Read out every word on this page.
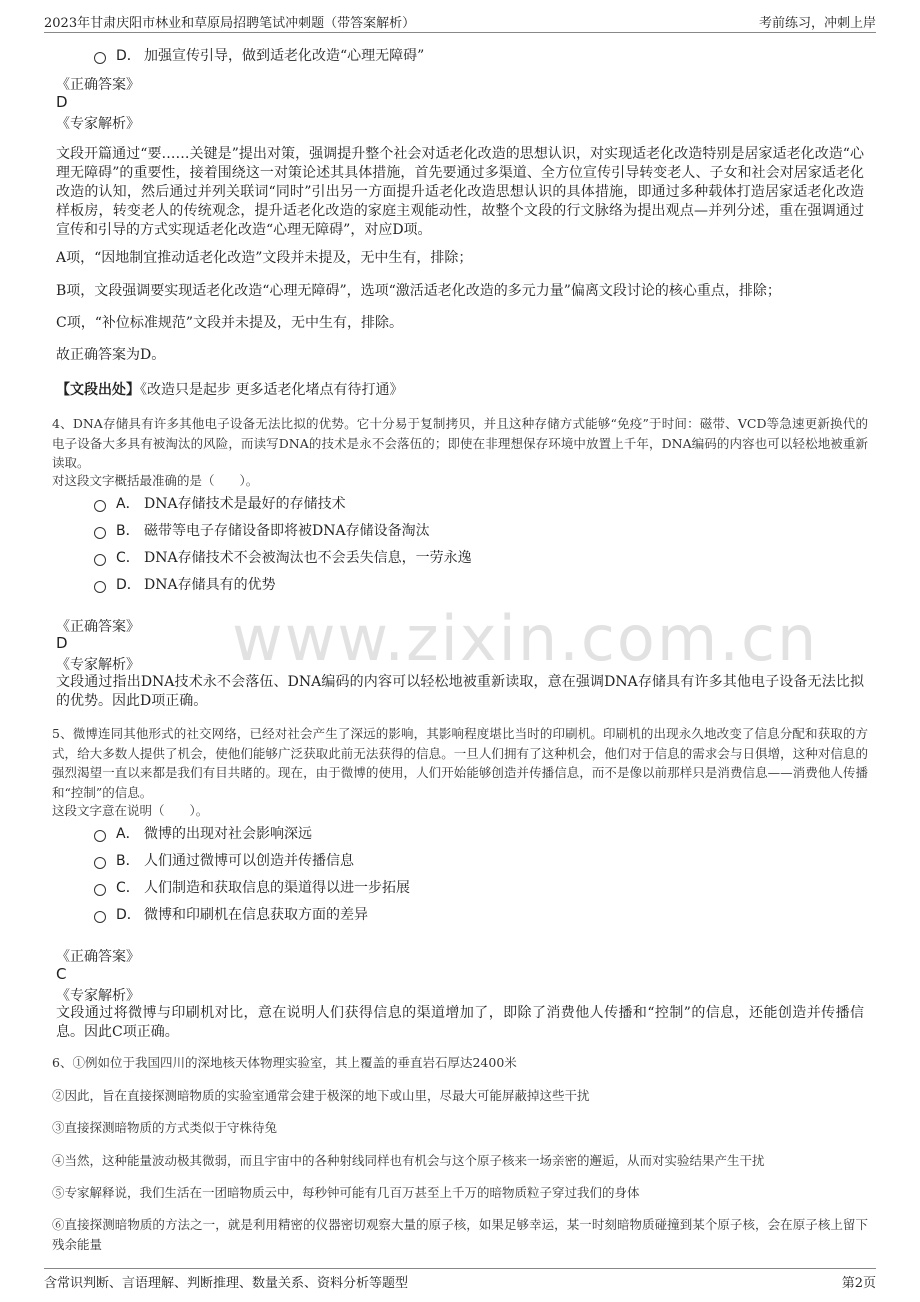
2023年甘肃庆阳市林业和草原局招聘笔试冲刺题（带答案解析）	考前练习，冲刺上岸
www.zixin.com.cn
D． 加强宣传引导，做到适老化改造“心理无障碍”
《正确答案》
D
《专家解析》
文段开篇通过“要……关键是”提出对策，强调提升整个社会对适老化改造的思想认识，对实现适老化改造特别是居家适老化改造“心理无障碍”的重要性，接着围绕这一对策论述其具体措施，首先要通过多渠道、全方位宣传引导转变老人、子女和社会对居家适老化改造的认知，然后通过并列关联词“同时”引出另一方面提升适老化改造思想认识的具体措施，即通过多种载体打造居家适老化改造样板房，转变老人的传统观念，提升适老化改造的家庭主观能动性，故整个文段的行文脉络为提出观点—并列分述，重在强调通过宣传和引导的方式实现适老化改造“心理无障碍”，对应D项。
A项，“因地制宜推动适老化改造”文段并未提及，无中生有，排除；
B项，文段强调要实现适老化改造“心理无障碍”，选项“激活适老化改造的多元力量”偏离文段讨论的核心重点，排除；
C项，“补位标准规范”文段并未提及，无中生有，排除。
故正确答案为D。
【文段出处】《改造只是起步 更多适老化堵点有待打通》
4、DNA存储具有许多其他电子设备无法比拟的优势。它十分易于复制拷贝，并且这种存储方式能够“免疫”于时间：磁带、VCD等急速更新换代的电子设备大多具有被淘汰的风险，而读写DNA的技术是永不会落伍的；即使在非理想保存环境中放置上千年，DNA编码的内容也可以轻松地被重新读取。
对这段文字概括最准确的是（　　）。
A． DNA存储技术是最好的存储技术
B． 磁带等电子存储设备即将被DNA存储设备淘汰
C． DNA存储技术不会被淘汰也不会丢失信息，一劳永逸
D． DNA存储具有的优势
《正确答案》
D
《专家解析》
文段通过指出DNA技术永不会落伍、DNA编码的内容可以轻松地被重新读取，意在强调DNA存储具有许多其他电子设备无法比拟的优势。因此D项正确。
5、微博连同其他形式的社交网络，已经对社会产生了深远的影响，其影响程度堪比当时的印刷机。印刷机的出现永久地改变了信息分配和获取的方式，给大多数人提供了机会，使他们能够广泛获取此前无法获得的信息。一旦人们拥有了这种机会，他们对于信息的需求会与日俱增，这种对信息的强烈渴望一直以来都是我们有目共睹的。现在，由于微博的使用，人们开始能够创造并传播信息，而不是像以前那样只是消费信息——消费他人传播和“控制”的信息。
这段文字意在说明（　　）。
A． 微博的出现对社会影响深远
B． 人们通过微博可以创造并传播信息
C． 人们制造和获取信息的渠道得以进一步拓展
D． 微博和印刷机在信息获取方面的差异
《正确答案》
C
《专家解析》
文段通过将微博与印刷机对比，意在说明人们获得信息的渠道增加了，即除了消费他人传播和“控制”的信息，还能创造并传播信息。因此C项正确。
6、①例如位于我国四川的深地核天体物理实验室，其上覆盖的垂直岩石厚达2400米
②因此，旨在直接探测暗物质的实验室通常会建于极深的地下或山里，尽最大可能屏蔽掉这些干扰
③直接探测暗物质的方式类似于守株待兔
④当然，这种能量波动极其微弱，而且宇宙中的各种射线同样也有机会与这个原子核来一场亲密的邂逅，从而对实验结果产生干扰
⑤专家解释说，我们生活在一团暗物质云中，每秒钟可能有几百万甚至上千万的暗物质粒子穿过我们的身体
⑥直接探测暗物质的方法之一，就是利用精密的仪器密切观察大量的原子核，如果足够幸运，某一时刻暗物质碰撞到某个原子核，会在原子核上留下残余能量
含常识判断、言语理解、判断推理、数量关系、资料分析等题型	第2页
